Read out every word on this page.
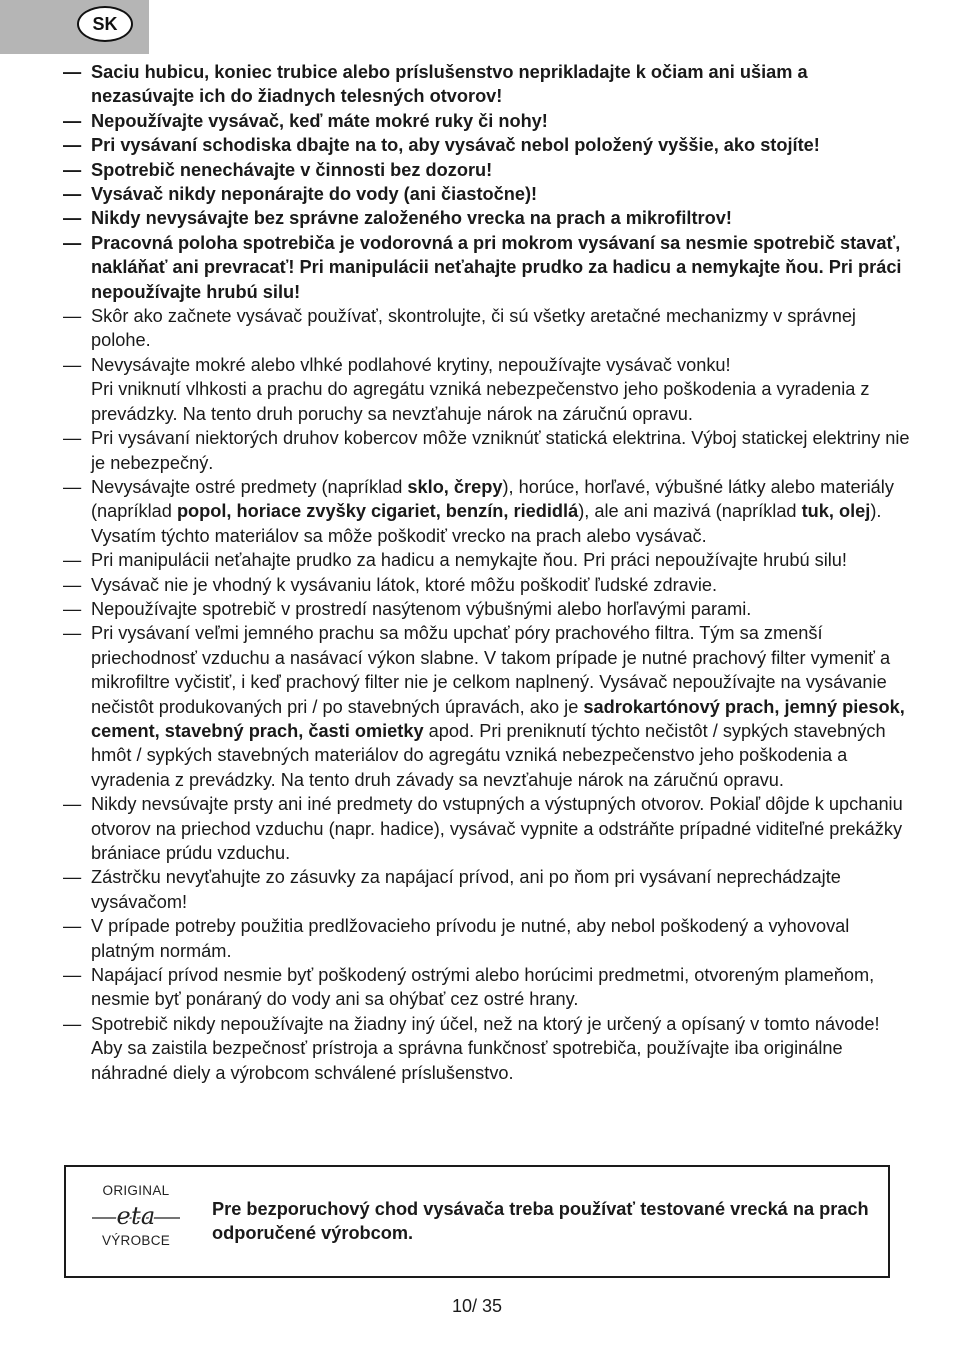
SK
— Saciu hubicu, koniec trubice alebo príslušenstvo neprikladajte k očiam ani ušiam a nezasúvajte ich do žiadnych telesných otvorov!
— Nepoužívajte vysávač, keď máte mokré ruky či nohy!
— Pri vysávaní schodiska dbajte na to, aby vysávač nebol položený vyššie, ako stojíte!
— Spotrebič nenechávajte v činnosti bez dozoru!
— Vysávač nikdy neponárajte do vody (ani čiastočne)!
— Nikdy nevysávajte bez správne založeného vrecka na prach a mikrofiltrov!
— Pracovná poloha spotrebiča je vodorovná a pri mokrom vysávaní sa nesmie spotrebič stavať, nakláňať ani prevracať! Pri manipulácii neťahajte prudko za hadicu a nemykajte ňou. Pri práci nepoužívajte hrubú silu!
— Skôr ako začnete vysávač používať, skontrolujte, či sú všetky aretačné mechanizmy v správnej polohe.
— Nevysávajte mokré alebo vlhké podlahové krytiny, nepoužívajte vysávač vonku!
Pri vniknutí vlhkosti a prachu do agregátu vzniká nebezpečenstvo jeho poškodenia a vyradenia z prevádzky. Na tento druh poruchy sa nevzťahuje nárok na záručnú opravu.
— Pri vysávaní niektorých druhov kobercov môže vzniknúť statická elektrina. Výboj statickej elektriny nie je nebezpečný.
— Nevysávajte ostré predmety (napríklad sklo, črepy), horúce, horľavé, výbušné látky alebo materiály (napríklad popol, horiace zvyšky cigariet, benzín, riedidlá), ale ani mazivá (napríklad tuk, olej). Vysatím týchto materiálov sa môže poškodiť vrecko na prach alebo vysávač.
— Pri manipulácii neťahajte prudko za hadicu a nemykajte ňou. Pri práci nepoužívajte hrubú silu!
— Vysávač nie je vhodný k vysávaniu látok, ktoré môžu poškodiť ľudské zdravie.
— Nepoužívajte spotrebič v prostredí nasýtenom výbušnými alebo horľavými parami.
— Pri vysávaní veľmi jemného prachu sa môžu upchať póry prachového filtra. Tým sa zmenší priechodnosť vzduchu a nasávací výkon slabne. V takom prípade je nutné prachový filter vymeniť a mikrofiltre vyčistiť, i keď prachový filter nie je celkom naplnený. Vysávač nepoužívajte na vysávanie nečistôt produkovaných pri / po stavebných úpravách, ako je sadrokartónový prach, jemný piesok, cement, stavebný prach, časti omietky apod. Pri preniknutí týchto nečistôt / sypkých stavebných hmôt / sypkých stavebných materiálov do agregátu vzniká nebezpečenstvo jeho poškodenia a vyradenia z prevádzky. Na tento druh závady sa nevzťahuje nárok na záručnú opravu.
— Nikdy nevsúvajte prsty ani iné predmety do vstupných a výstupných otvorov. Pokiaľ dôjde k upchaniu otvorov na priechod vzduchu (napr. hadice), vysávač vypnite a odstráňte prípadné viditeľné prekážky brániace prúdu vzduchu.
— Zástrčku nevyťahujte zo zásuvky za napájací prívod, ani po ňom pri vysávaní neprechádzajte vysávačom!
— V prípade potreby použitia predlžovacieho prívodu je nutné, aby nebol poškodený a vyhovoval platným normám.
— Napájací prívod nesmie byť poškodený ostrými alebo horúcimi predmetmi, otvoreným plameňom, nesmie byť ponáraný do vody ani sa ohýbať cez ostré hrany.
— Spotrebič nikdy nepoužívajte na žiadny iný účel, než na ktorý je určený a opísaný v tomto návode! Aby sa zaistila bezpečnosť prístroja a správna funkčnosť spotrebiča, používajte iba originálne náhradné diely a výrobcom schválené príslušenstvo.
ORIGINAL
eta
VÝROBCE
Pre bezporuchový chod vysávača treba používať testované vrecká na prach odporučené výrobcom.
10/ 35
